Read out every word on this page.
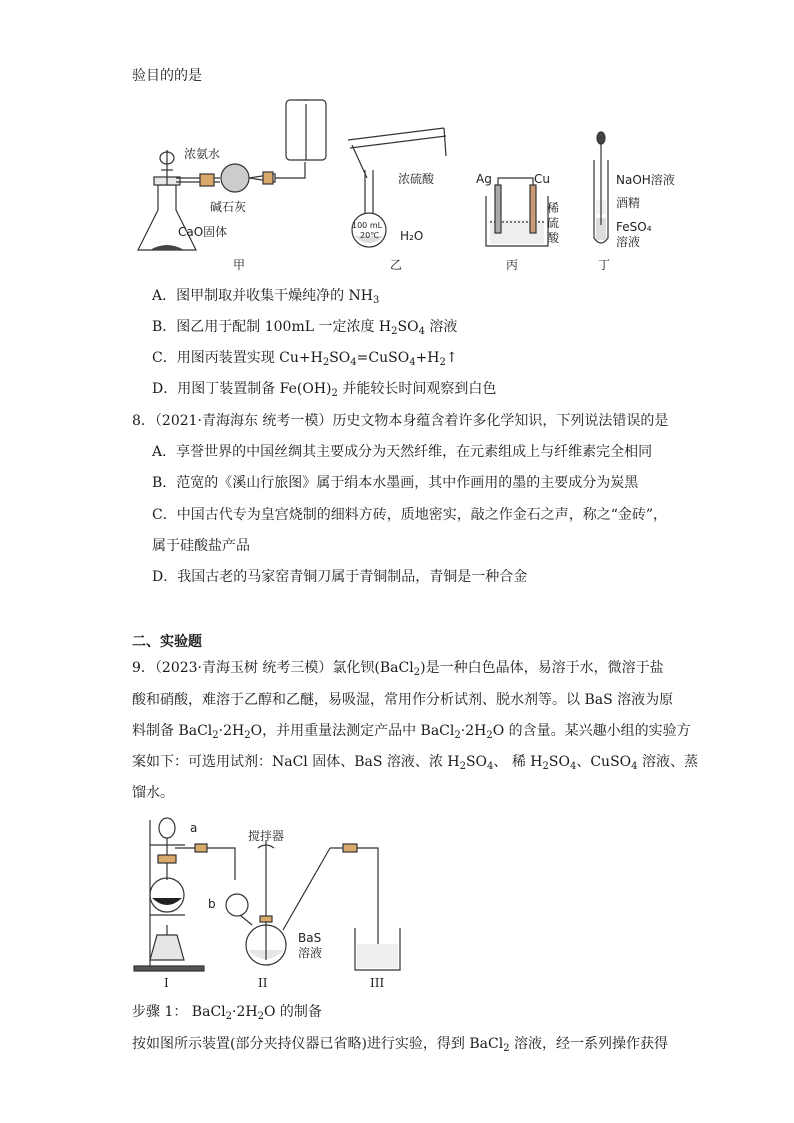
验目的的是
浓氨水
碱石灰
CaO固体
浓硫酸
100 mL
20℃ H₂O
Ag	Cu
稀
硫
酸
NaOH溶液
酒精
FeSO₄
溶液
甲	乙	丙	丁
a
b
搅拌器
BaS
溶液
I	II	III
A．图甲制取并收集干燥纯净的 $NH_3$
B．图乙用于配制 100mL 一定浓度 $H_2SO_4$ 溶液
C．用图丙装置实现 $Cu+H_2SO_4=CuSO_4+H_2↑$
D．用图丁装置制备 $Fe(OH)_2$ 并能较长时间观察到白色
8．（2021·青海海东 统考一模）历史文物本身蕴含着许多化学知识，下列说法错误的是
A．享誉世界的中国丝绸其主要成分为天然纤维，在元素组成上与纤维素完全相同
B．范宽的《溪山行旅图》属于绢本水墨画，其中作画用的墨的主要成分为炭黑
C．中国古代专为皇宫烧制的细料方砖，质地密实，敲之作金石之声，称之“金砖”，
属于硅酸盐产品
D．我国古老的马家窑青铜刀属于青铜制品，青铜是一种合金
二、实验题
9．（2023·青海玉树 统考三模）氯化钡(BaCl$_2$)是一种白色晶体，易溶于水，微溶于盐
酸和硝酸，难溶于乙醇和乙醚，易吸湿，常用作分析试剂、脱水剂等。以 BaS 溶液为原
料制备 $BaCl_2\cdot 2H_2O$，并用重量法测定产品中 $BaCl_2\cdot 2H_2O$ 的含量。某兴趣小组的实验方
案如下：可选用试剂：NaCl 固体、BaS 溶液、浓 $H_2SO_4$、 稀 $H_2SO_4$、CuSO$_4$ 溶液、蒸
馏水。
步骤 1： $BaCl_2\cdot 2H_2O$ 的制备
按如图所示装置(部分夹持仪器已省略)进行实验，得到 BaCl$_2$ 溶液，经一系列操作获得
